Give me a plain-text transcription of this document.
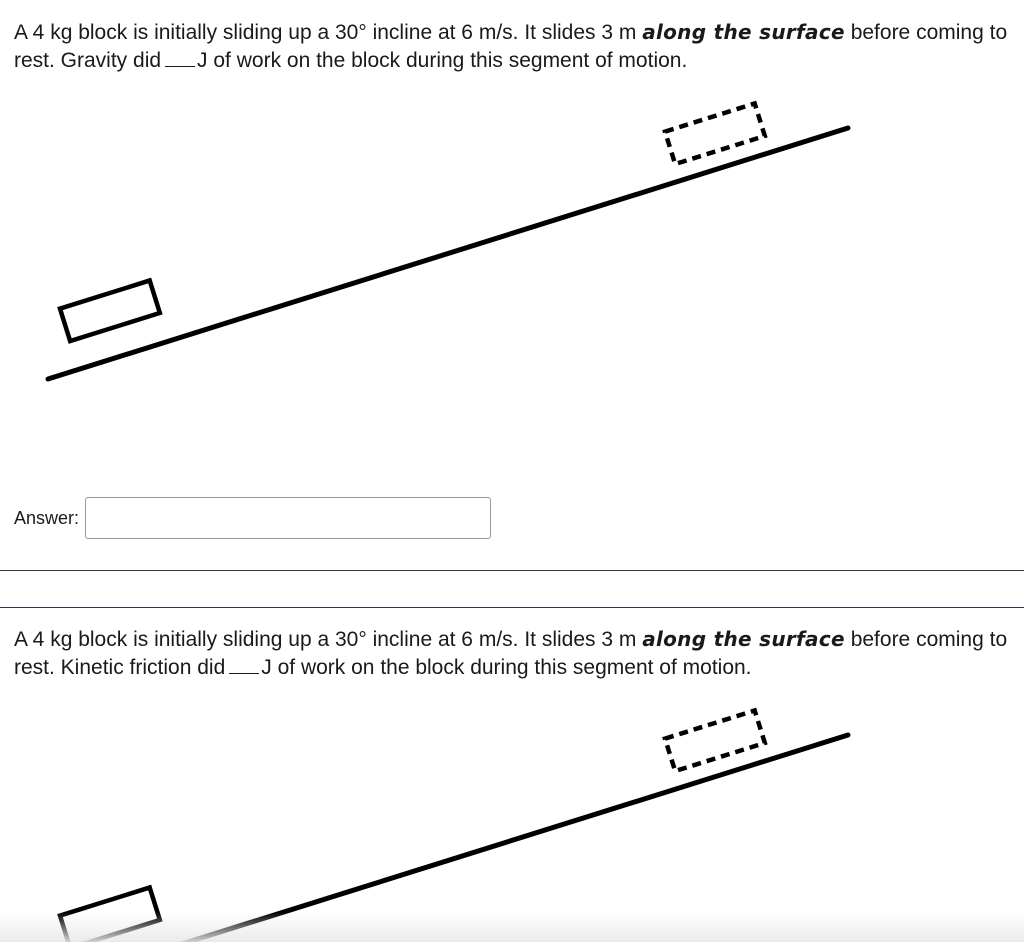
A 4 kg block is initially sliding up a 30° incline at 6 m/s. It slides 3 m along the surface before coming to rest. Gravity did J of work on the block during this segment of motion.
Answer:
A 4 kg block is initially sliding up a 30° incline at 6 m/s. It slides 3 m along the surface before coming to rest. Kinetic friction did J of work on the block during this segment of motion.
